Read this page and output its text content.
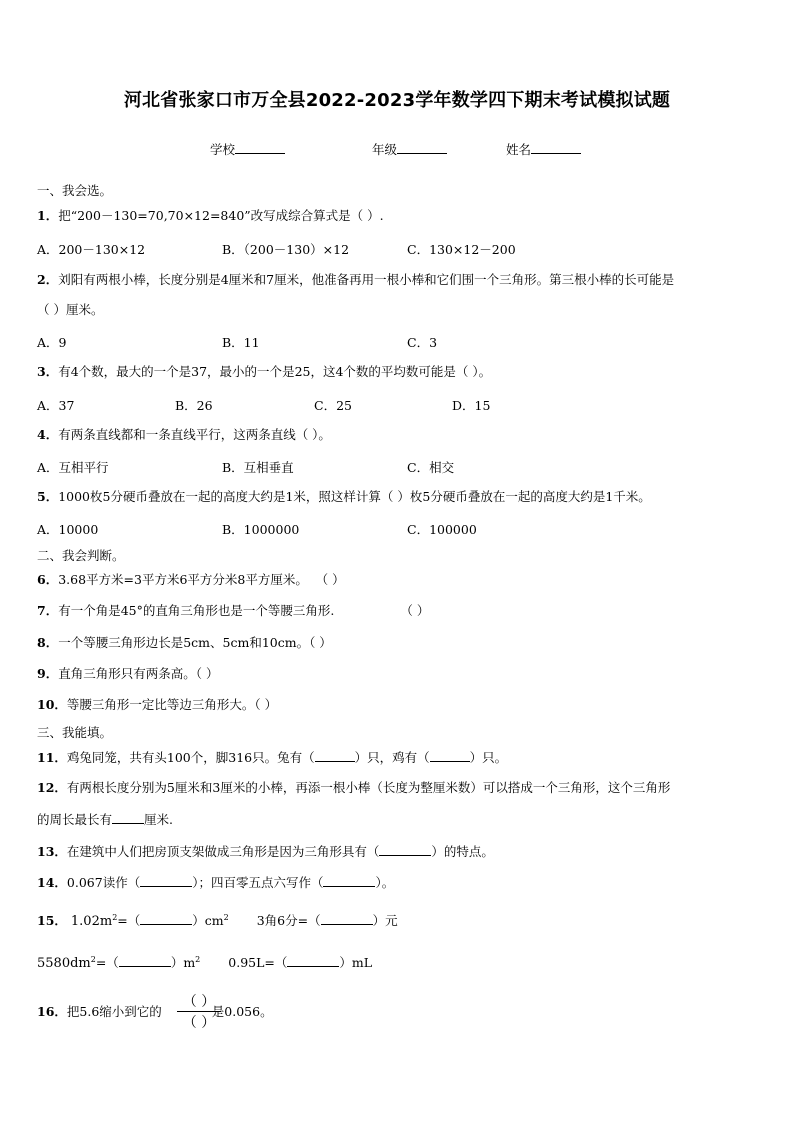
河北省张家口市万全县2022-2023学年数学四下期末考试模拟试题
学校	年级	姓名
一、我会选。
1．把“200－130=70,70×12=840”改写成综合算式是（ ）.
A．200－130×12	B．（200－130）×12	C．130×12－200
2．刘阳有两根小棒，长度分别是4厘米和7厘米，他准备再用一根小棒和它们围一个三角形。第三根小棒的长可能是
（ ）厘米。
A．9	B．11	C．3
3．有4个数，最大的一个是37，最小的一个是25，这4个数的平均数可能是（ ）。
A．37	B．26	C．25	D．15
4．有两条直线都和一条直线平行，这两条直线（ ）。
A．互相平行	B．互相垂直	C．相交
5．1000枚5分硬币叠放在一起的高度大约是1米，照这样计算（ ）枚5分硬币叠放在一起的高度大约是1千米。
A．10000	B．1000000	C．100000
二、我会判断。
6．3.68平方米=3平方米6平方分米8平方厘米。 （ ）
7．有一个角是45°的直角三角形也是一个等腰三角形.	（ ）
8．一个等腰三角形边长是5cm、5cm和10cm。（ ）
9．直角三角形只有两条高。（ ）
10．等腰三角形一定比等边三角形大。（ ）
三、我能填。
11．鸡兔同笼，共有头100个，脚316只。兔有（	）只，鸡有（	）只。
12．有两根长度分别为5厘米和3厘米的小棒，再添一根小棒（长度为整厘米数）可以搭成一个三角形，这个三角形
的周长最长有	厘米.
13．在建筑中人们把房顶支架做成三角形是因为三角形具有（	）的特点。
14．0.067读作（	）；四百零五点六写作（	）。
15． $1.02m^2=$（	）$cm^2$ 3角6分=（	）元
$5580dm^2=$（	）$m^2$ 0.95L=（	）mL
16．把5.6缩小到它的	是0.056。
（ ）
（ ）
